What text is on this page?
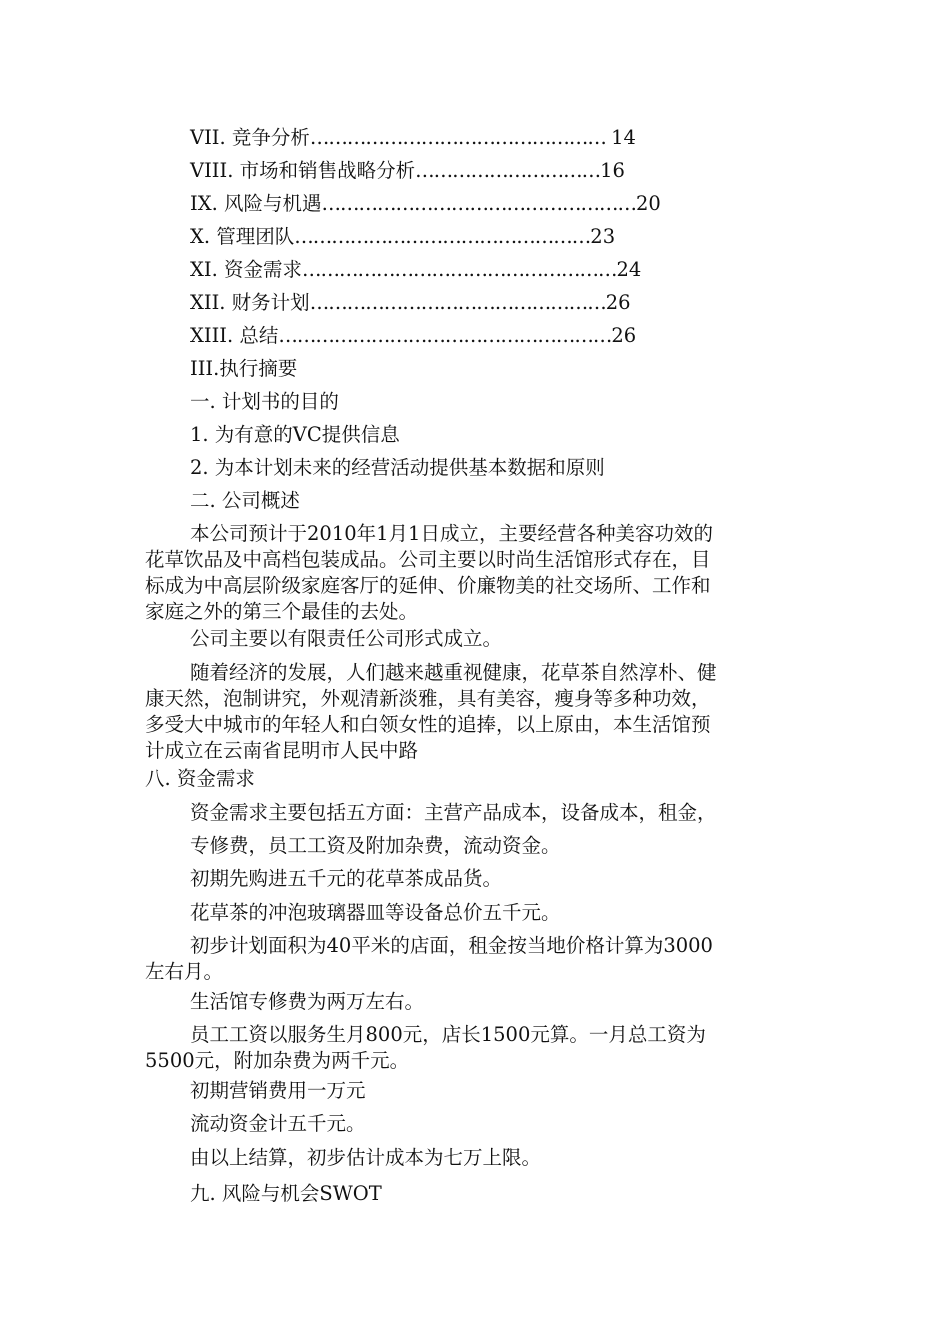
VII. 竞争分析………………………………………… 14
VIII. 市场和销售战略分析…………………………16
IX. 风险与机遇……………………………………………20
X. 管理团队…………………………………………23
XI. 资金需求……………………………………………24
XII. 财务计划…………………………………………26
XIII. 总结………………………………………………26
III.执行摘要
一. 计划书的目的
1. 为有意的VC提供信息
2. 为本计划未来的经营活动提供基本数据和原则
二. 公司概述
本公司预计于2010年1月1日成立，主要经营各种美容功效的
花草饮品及中高档包装成品。公司主要以时尚生活馆形式存在，目
标成为中高层阶级家庭客厅的延伸、价廉物美的社交场所、工作和
家庭之外的第三个最佳的去处。
公司主要以有限责任公司形式成立。
随着经济的发展，人们越来越重视健康，花草茶自然淳朴、健
康天然，泡制讲究，外观清新淡雅，具有美容，瘦身等多种功效，
多受大中城市的年轻人和白领女性的追捧，以上原由，本生活馆预
计成立在云南省昆明市人民中路
八. 资金需求
资金需求主要包括五方面：主营产品成本，设备成本，租金，
专修费，员工工资及附加杂费，流动资金。
初期先购进五千元的花草茶成品货。
花草茶的冲泡玻璃器皿等设备总价五千元。
初步计划面积为40平米的店面，租金按当地价格计算为3000
左右月。
生活馆专修费为两万左右。
员工工资以服务生月800元，店长1500元算。一月总工资为
5500元，附加杂费为两千元。
初期营销费用一万元
流动资金计五千元。
由以上结算，初步估计成本为七万上限。
九. 风险与机会SWOT
